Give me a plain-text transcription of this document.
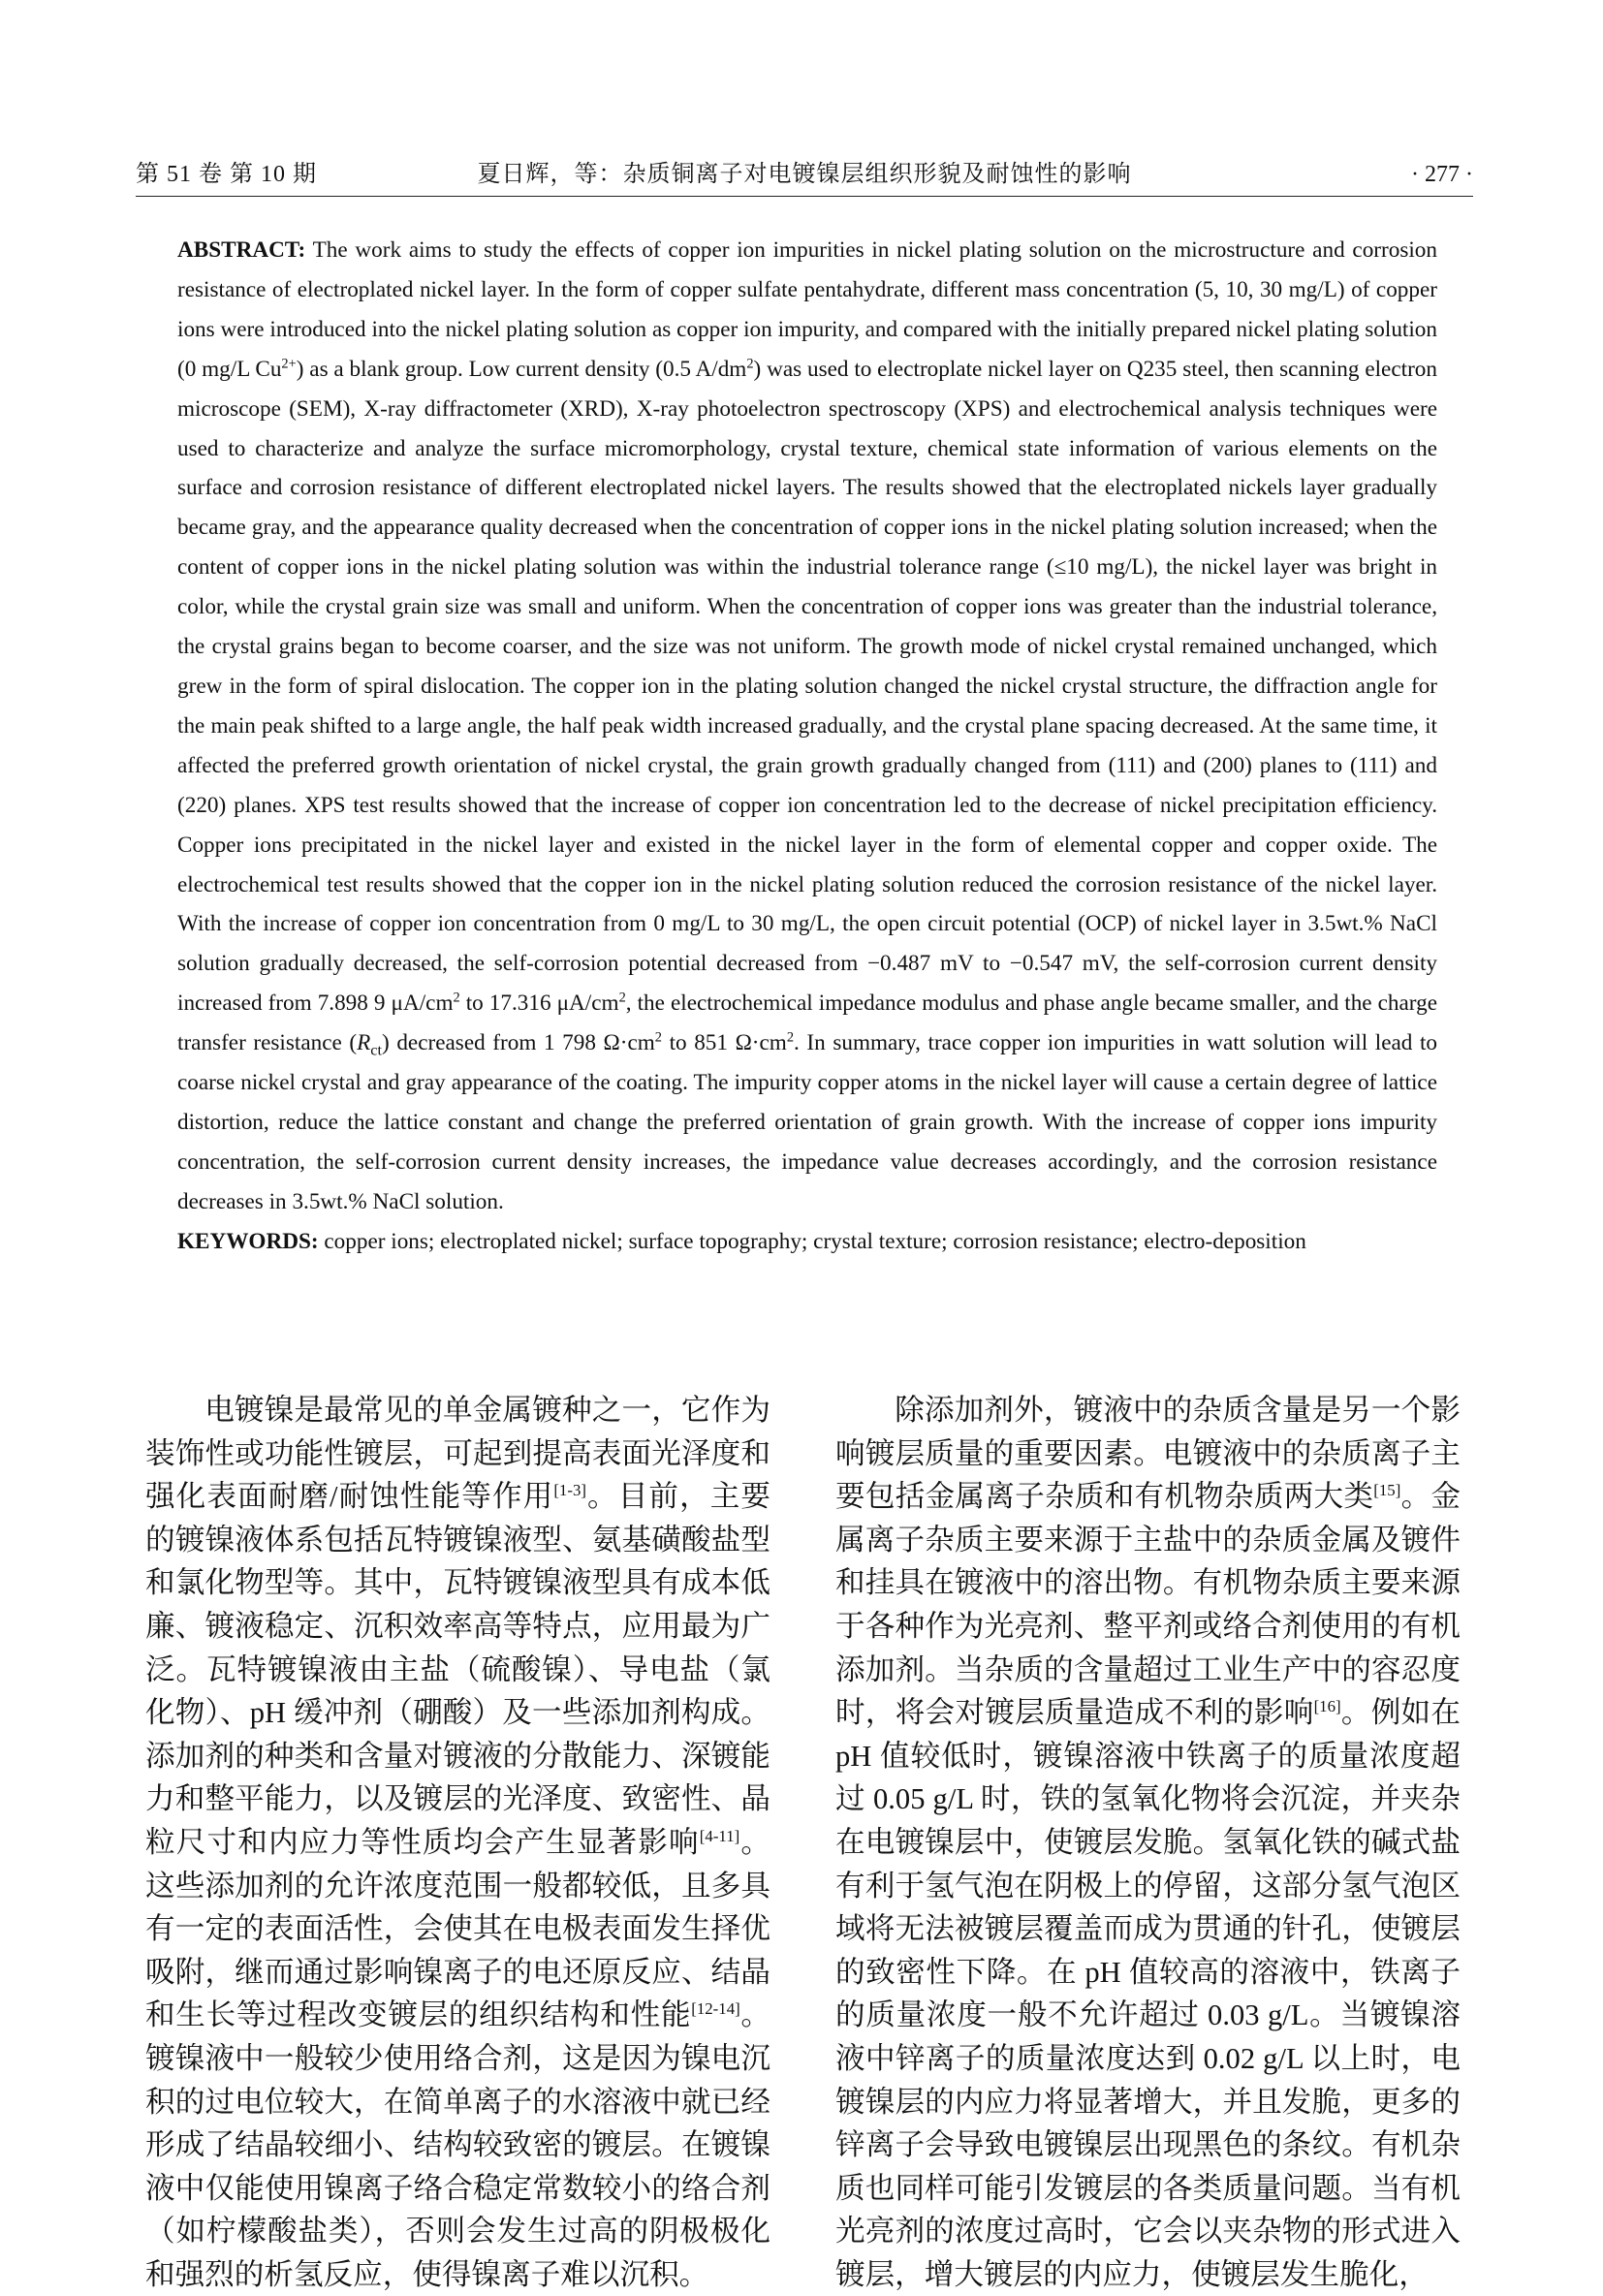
第 51 卷 第 10 期	夏日辉，等：杂质铜离子对电镀镍层组织形貌及耐蚀性的影响	· 277 ·

ABSTRACT: The work aims to study the effects of copper ion impurities in nickel plating solution on the microstructure and corrosion resistance of electroplated nickel layer. In the form of copper sulfate pentahydrate, different mass concentration (5, 10, 30 mg/L) of copper ions were introduced into the nickel plating solution as copper ion impurity, and compared with the initially prepared nickel plating solution (0 mg/L $Cu^{2+}$) as a blank group. Low current density (0.5 $A/dm^2$) was used to electroplate nickel layer on Q235 steel, then scanning electron microscope (SEM), X-ray diffractometer (XRD), X-ray photoelectron spectroscopy (XPS) and electrochemical analysis techniques were used to characterize and analyze the surface micromorphology, crystal texture, chemical state information of various elements on the surface and corrosion resistance of different electroplated nickel layers. The results showed that the electroplated nickels layer gradually became gray, and the appearance quality decreased when the concentration of copper ions in the nickel plating solution increased; when the content of copper ions in the nickel plating solution was within the industrial tolerance range (≤10 mg/L), the nickel layer was bright in color, while the crystal grain size was small and uniform. When the concentration of copper ions was greater than the industrial tolerance, the crystal grains began to become coarser, and the size was not uniform. The growth mode of nickel crystal remained unchanged, which grew in the form of spiral dislocation. The copper ion in the plating solution changed the nickel crystal structure, the diffraction angle for the main peak shifted to a large angle, the half peak width increased gradually, and the crystal plane spacing decreased. At the same time, it affected the preferred growth orientation of nickel crystal, the grain growth gradually changed from (111) and (200) planes to (111) and (220) planes. XPS test results showed that the increase of copper ion concentration led to the decrease of nickel precipitation efficiency. Copper ions precipitated in the nickel layer and existed in the nickel layer in the form of elemental copper and copper oxide. The electrochemical test results showed that the copper ion in the nickel plating solution reduced the corrosion resistance of the nickel layer. With the increase of copper ion concentration from 0 mg/L to 30 mg/L, the open circuit potential (OCP) of nickel layer in 3.5wt.% NaCl solution gradually decreased, the self-corrosion potential decreased from −0.487 mV to −0.547 mV, the self-corrosion current density increased from 7.898 9 $\mu A/cm^2$ to 17.316 $\mu A/cm^2$, the electrochemical impedance modulus and phase angle became smaller, and the charge transfer resistance $(R_{ct})$ decreased from 1 798 $\Omega\cdot cm^2$ to 851 $\Omega\cdot cm^2$. In summary, trace copper ion impurities in watt solution will lead to coarse nickel crystal and gray appearance of the coating. The impurity copper atoms in the nickel layer will cause a certain degree of lattice distortion, reduce the lattice constant and change the preferred orientation of grain growth. With the increase of copper ions impurity concentration, the self-corrosion current density increases, the impedance value decreases accordingly, and the corrosion resistance decreases in 3.5wt.% NaCl solution.

KEYWORDS: copper ions; electroplated nickel; surface topography; crystal texture; corrosion resistance; electro-deposition

电镀镍是最常见的单金属镀种之一，它作为装饰性或功能性镀层，可起到提高表面光泽度和强化表面耐磨/耐蚀性能等作用[1-3]。目前，主要的镀镍液体系包括瓦特镀镍液型、氨基磺酸盐型和氯化物型等。其中，瓦特镀镍液型具有成本低廉、镀液稳定、沉积效率高等特点，应用最为广泛。瓦特镀镍液由主盐（硫酸镍）、导电盐（氯化物）、pH 缓冲剂（硼酸）及一些添加剂构成。添加剂的种类和含量对镀液的分散能力、深镀能力和整平能力，以及镀层的光泽度、致密性、晶粒尺寸和内应力等性质均会产生显著影响[4-11]。这些添加剂的允许浓度范围一般都较低，且多具有一定的表面活性，会使其在电极表面发生择优吸附，继而通过影响镍离子的电还原反应、结晶和生长等过程改变镀层的组织结构和性能[12-14]。镀镍液中一般较少使用络合剂，这是因为镍电沉积的过电位较大，在简单离子的水溶液中就已经形成了结晶较细小、结构较致密的镀层。在镀镍液中仅能使用镍离子络合稳定常数较小的络合剂（如柠檬酸盐类），否则会发生过高的阴极极化和强烈的析氢反应，使得镍离子难以沉积。

除添加剂外，镀液中的杂质含量是另一个影响镀层质量的重要因素。电镀液中的杂质离子主要包括金属离子杂质和有机物杂质两大类[15]。金属离子杂质主要来源于主盐中的杂质金属及镀件和挂具在镀液中的溶出物。有机物杂质主要来源于各种作为光亮剂、整平剂或络合剂使用的有机添加剂。当杂质的含量超过工业生产中的容忍度时，将会对镀层质量造成不利的影响[16]。例如在 pH 值较低时，镀镍溶液中铁离子的质量浓度超过 0.05 g/L 时，铁的氢氧化物将会沉淀，并夹杂在电镀镍层中，使镀层发脆。氢氧化铁的碱式盐有利于氢气泡在阴极上的停留，这部分氢气泡区域将无法被镀层覆盖而成为贯通的针孔，使镀层的致密性下降。在 pH 值较高的溶液中，铁离子的质量浓度一般不允许超过 0.03 g/L。当镀镍溶液中锌离子的质量浓度达到 0.02 g/L 以上时，电镀镍层的内应力将显著增大，并且发脆，更多的锌离子会导致电镀镍层出现黑色的条纹。有机杂质也同样可能引发镀层的各类质量问题。当有机光亮剂的浓度过高时，它会以夹杂物的形式进入镀层，增大镀层的内应力，使镀层发生脆化，
